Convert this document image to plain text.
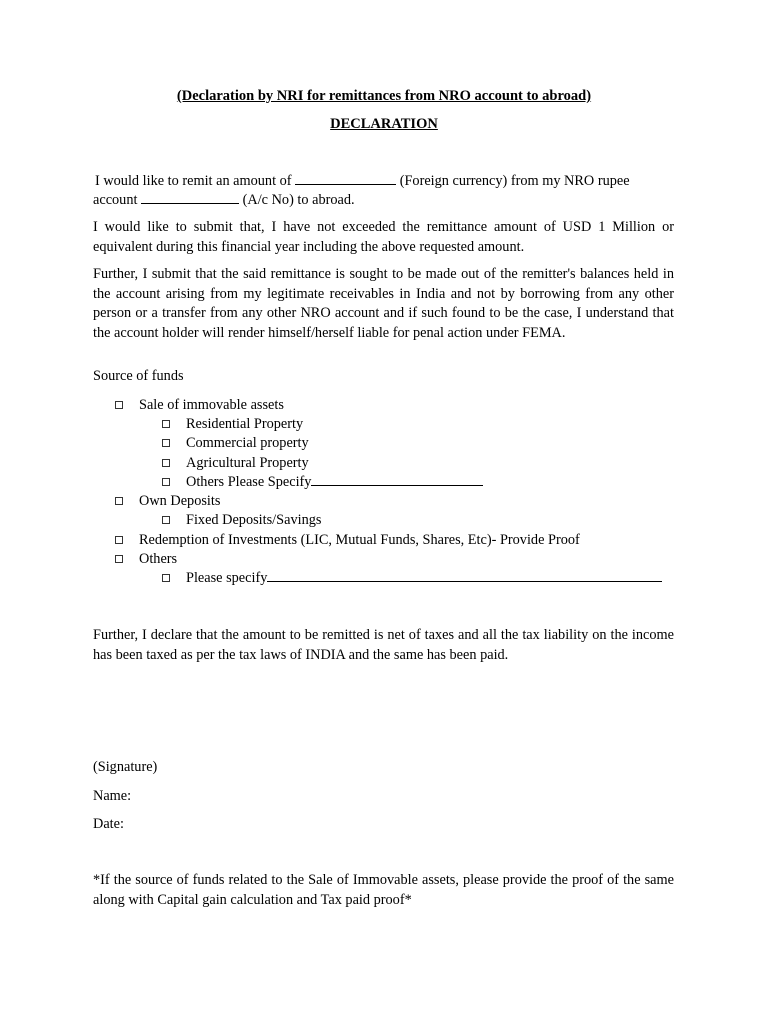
(Declaration by NRI for remittances from NRO account to abroad)
DECLARATION
I would like to remit an amount of	(Foreign currency) from my NRO rupee
account	(A/c No) to abroad.
I would like to submit that, I have not exceeded the remittance amount of USD 1 Million or equivalent during this financial year including the above requested amount.
Further, I submit that the said remittance is sought to be made out of the remitter's balances held in the account arising from my legitimate receivables in India and not by borrowing from any other person or a transfer from any other NRO account and if such found to be the case, I understand that the account holder will render himself/herself liable for penal action under FEMA.
Source of funds
Sale of immovable assets
Residential Property
Commercial property
Agricultural Property
Others Please Specify
Own Deposits
Fixed Deposits/Savings
Redemption of Investments (LIC, Mutual Funds, Shares, Etc)- Provide Proof
Others
Please specify
Further, I declare that the amount to be remitted is net of taxes and all the tax liability on the income has been taxed as per the tax laws of INDIA and the same has been paid.
(Signature)
Name:
Date:
*If the source of funds related to the Sale of Immovable assets, please provide the proof of the same along with Capital gain calculation and Tax paid proof*
